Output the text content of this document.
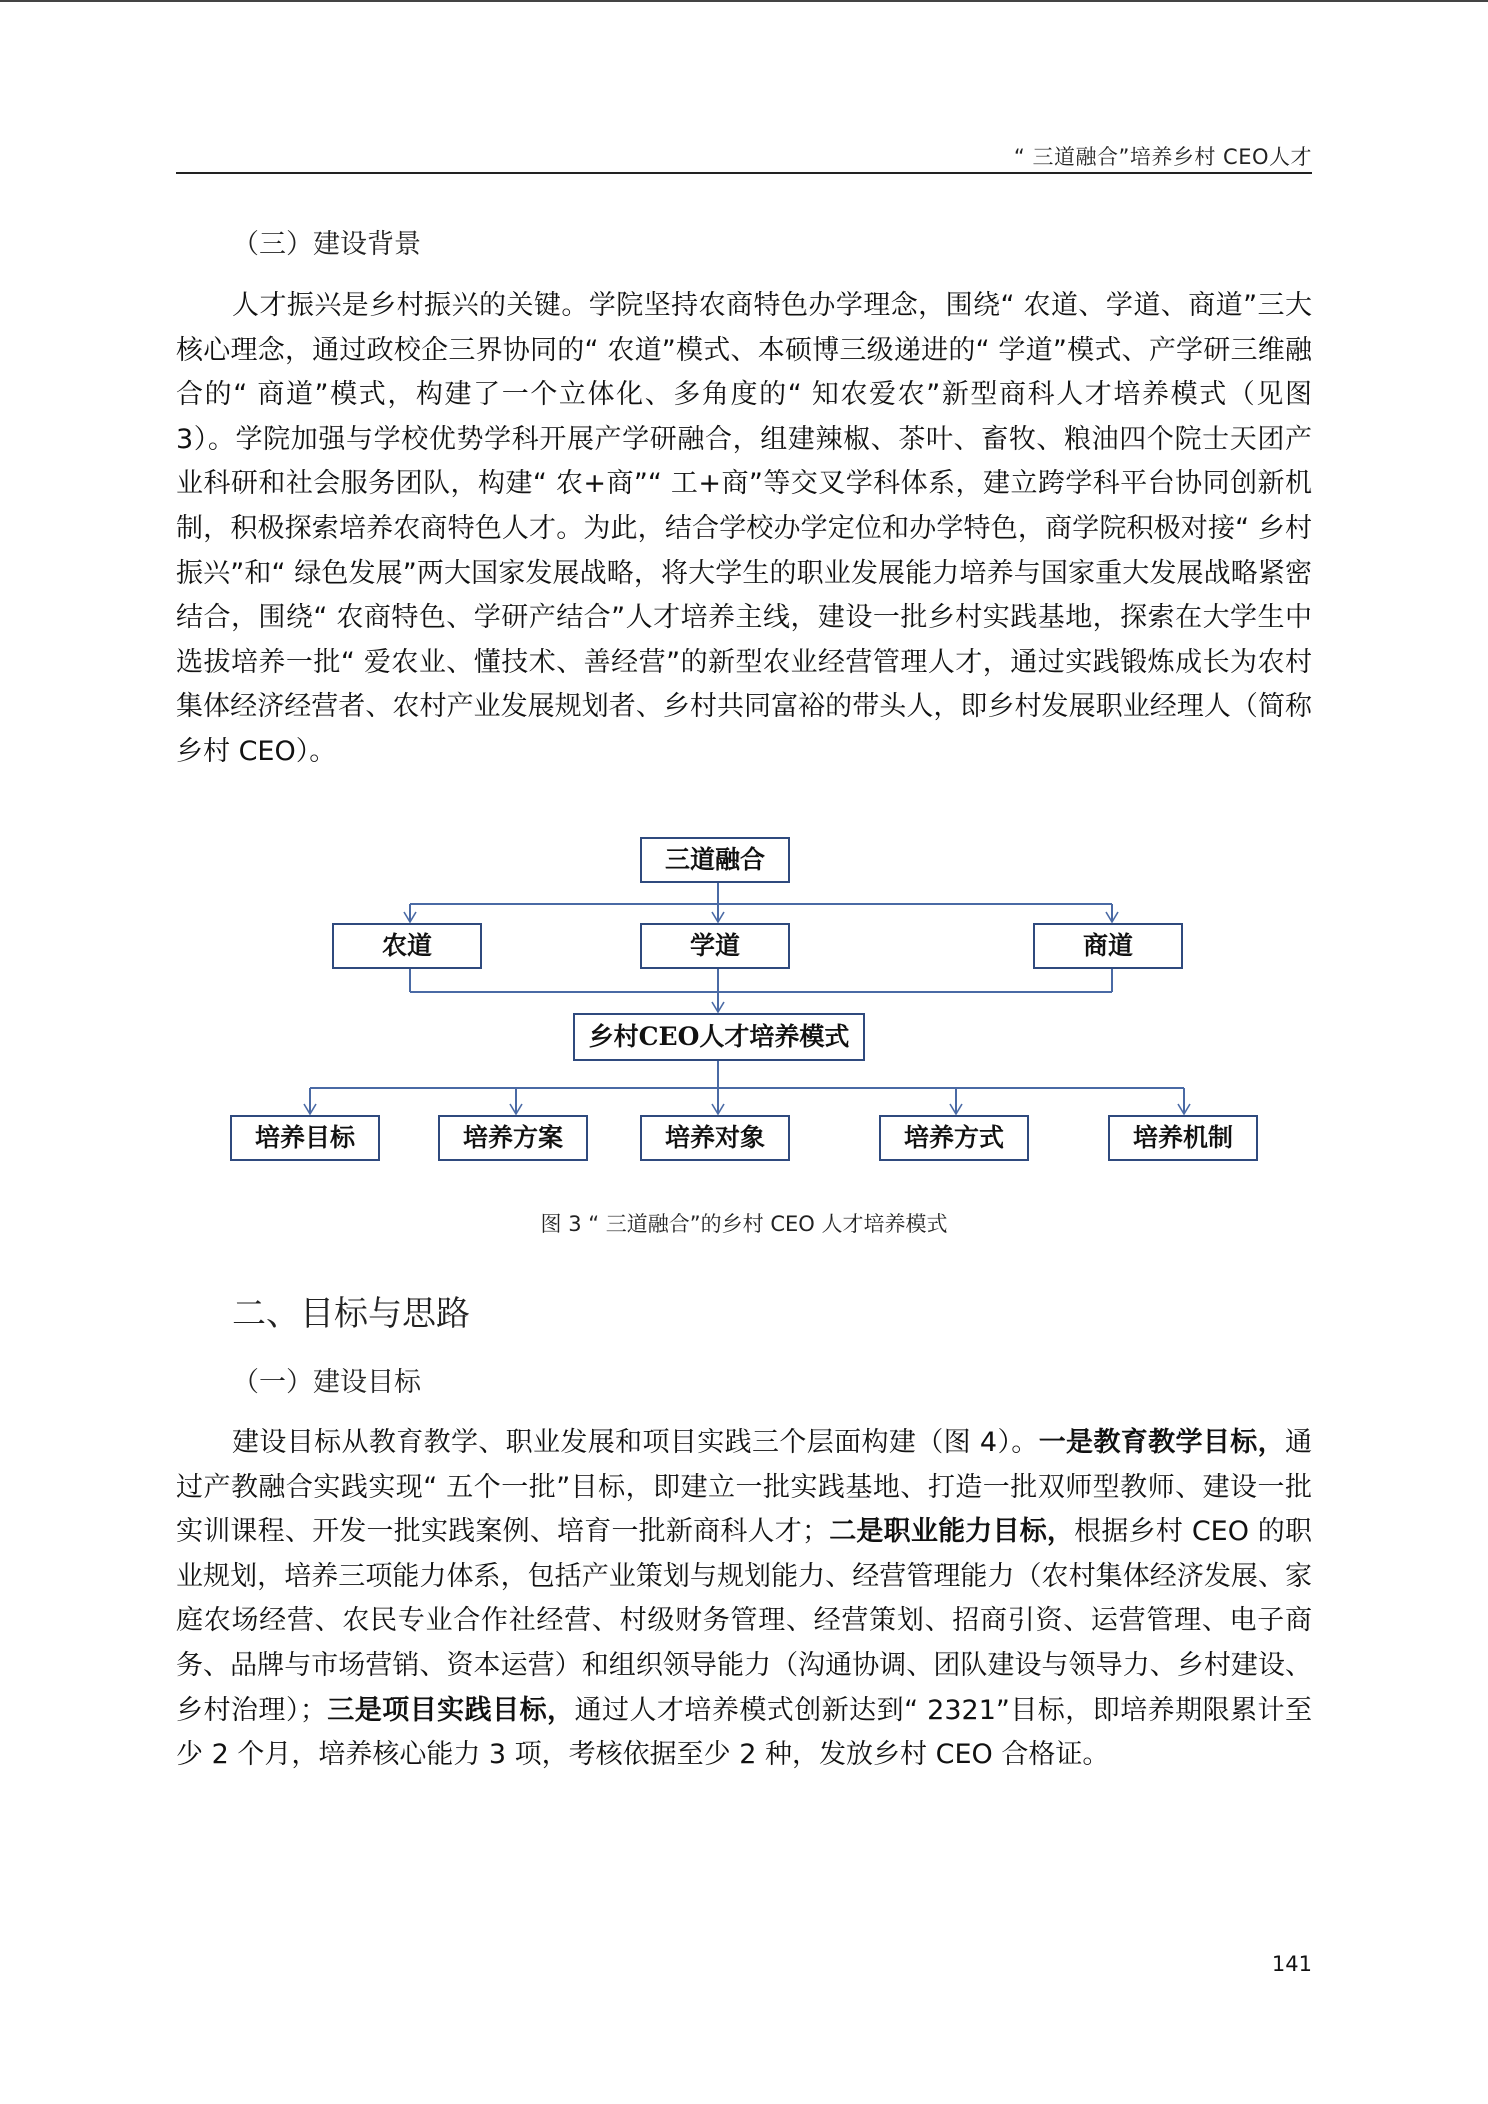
“ 三道融合”培养乡村 CEO人才
（三）建设背景
人才振兴是乡村振兴的关键。学院坚持农商特色办学理念，围绕“ 农道、学道、商道”三大核心理念，通过政校企三界协同的“ 农道”模式、本硕博三级递进的“ 学道”模式、产学研三维融合的“ 商道”模式，构建了一个立体化、多角度的“ 知农爱农”新型商科人才培养模式（见图 3）。学院加强与学校优势学科开展产学研融合，组建辣椒、茶叶、畜牧、粮油四个院士天团产业科研和社会服务团队，构建“ 农+商”“ 工+商”等交叉学科体系，建立跨学科平台协同创新机制，积极探索培养农商特色人才。为此，结合学校办学定位和办学特色，商学院积极对接“ 乡村振兴”和“ 绿色发展”两大国家发展战略，将大学生的职业发展能力培养与国家重大发展战略紧密结合，围绕“ 农商特色、学研产结合”人才培养主线，建设一批乡村实践基地，探索在大学生中选拔培养一批“ 爱农业、懂技术、善经营”的新型农业经营管理人才，通过实践锻炼成长为农村集体经济经营者、农村产业发展规划者、乡村共同富裕的带头人，即乡村发展职业经理人（简称乡村 CEO）。
三道融合
农道	学道	商道
乡村CEO人才培养模式
培养目标	培养方案	培养对象	培养方式	培养机制
图 3 “ 三道融合”的乡村 CEO 人才培养模式
二、目标与思路
（一）建设目标
建设目标从教育教学、职业发展和项目实践三个层面构建（图 4）。一是教育教学目标，通过产教融合实践实现“ 五个一批”目标，即建立一批实践基地、打造一批双师型教师、建设一批实训课程、开发一批实践案例、培育一批新商科人才；二是职业能力目标，根据乡村 CEO 的职业规划，培养三项能力体系，包括产业策划与规划能力、经营管理能力（农村集体经济发展、家庭农场经营、农民专业合作社经营、村级财务管理、经营策划、招商引资、运营管理、电子商务、品牌与市场营销、资本运营）和组织领导能力（沟通协调、团队建设与领导力、乡村建设、乡村治理）；三是项目实践目标，通过人才培养模式创新达到“ 2321”目标，即培养期限累计至少 2 个月，培养核心能力 3 项，考核依据至少 2 种，发放乡村 CEO 合格证。
141
